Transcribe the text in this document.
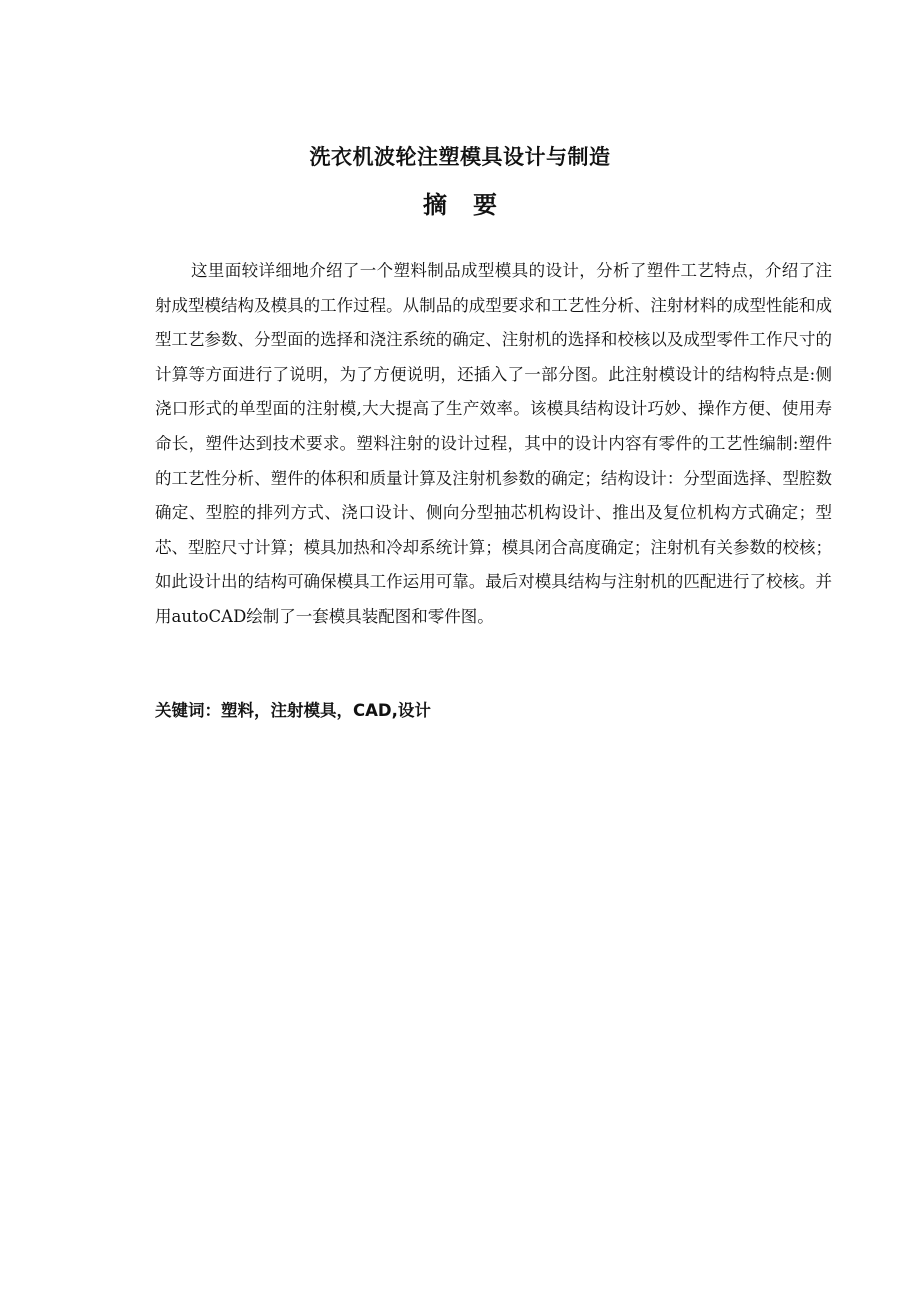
洗衣机波轮注塑模具设计与制造
摘 要

这里面较详细地介绍了一个塑料制品成型模具的设计，分析了塑件工艺特点，介绍了注射成型模结构及模具的工作过程。从制品的成型要求和工艺性分析、注射材料的成型性能和成型工艺参数、分型面的选择和浇注系统的确定、注射机的选择和校核以及成型零件工作尺寸的计算等方面进行了说明，为了方便说明，还插入了一部分图。此注射模设计的结构特点是:侧浇口形式的单型面的注射模,大大提高了生产效率。该模具结构设计巧妙、操作方便、使用寿命长，塑件达到技术要求。塑料注射的设计过程，其中的设计内容有零件的工艺性编制:塑件的工艺性分析、塑件的体积和质量计算及注射机参数的确定；结构设计：分型面选择、型腔数确定、型腔的排列方式、浇口设计、侧向分型抽芯机构设计、推出及复位机构方式确定；型芯、型腔尺寸计算；模具加热和冷却系统计算；模具闭合高度确定；注射机有关参数的校核；如此设计出的结构可确保模具工作运用可靠。最后对模具结构与注射机的匹配进行了校核。并用autoCAD绘制了一套模具装配图和零件图。

关键词：塑料，注射模具，CAD,设计
